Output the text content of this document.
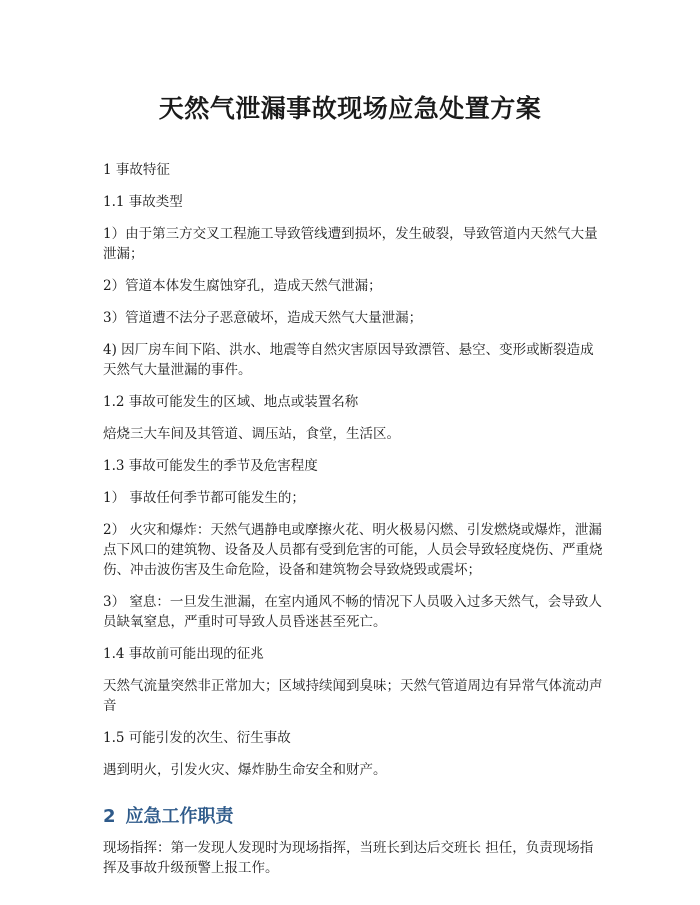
天然气泄漏事故现场应急处置方案

1 事故特征

1.1 事故类型

1）由于第三方交叉工程施工导致管线遭到损坏，发生破裂，导致管道内天然气大量泄漏；

2）管道本体发生腐蚀穿孔，造成天然气泄漏；

3）管道遭不法分子恶意破坏，造成天然气大量泄漏；

4) 因厂房车间下陷、洪水、地震等自然灾害原因导致漂管、悬空、变形或断裂造成天然气大量泄漏的事件。

1.2 事故可能发生的区域、地点或装置名称

焙烧三大车间及其管道、调压站，食堂，生活区。

1.3 事故可能发生的季节及危害程度

1） 事故任何季节都可能发生的；

2） 火灾和爆炸：天然气遇静电或摩擦火花、明火极易闪燃、引发燃烧或爆炸，泄漏点下风口的建筑物、设备及人员都有受到危害的可能，人员会导致轻度烧伤、严重烧伤、冲击波伤害及生命危险，设备和建筑物会导致烧毁或震坏；

3） 窒息：一旦发生泄漏，在室内通风不畅的情况下人员吸入过多天然气，会导致人员缺氧窒息，严重时可导致人员昏迷甚至死亡。

1.4 事故前可能出现的征兆

天然气流量突然非正常加大；区域持续闻到臭味；天然气管道周边有异常气体流动声音

1.5 可能引发的次生、衍生事故

遇到明火，引发火灾、爆炸胁生命安全和财产。

2 应急工作职责

现场指挥：第一发现人发现时为现场指挥，当班长到达后交班长 担任，负责现场指挥及事故升级预警上报工作。
